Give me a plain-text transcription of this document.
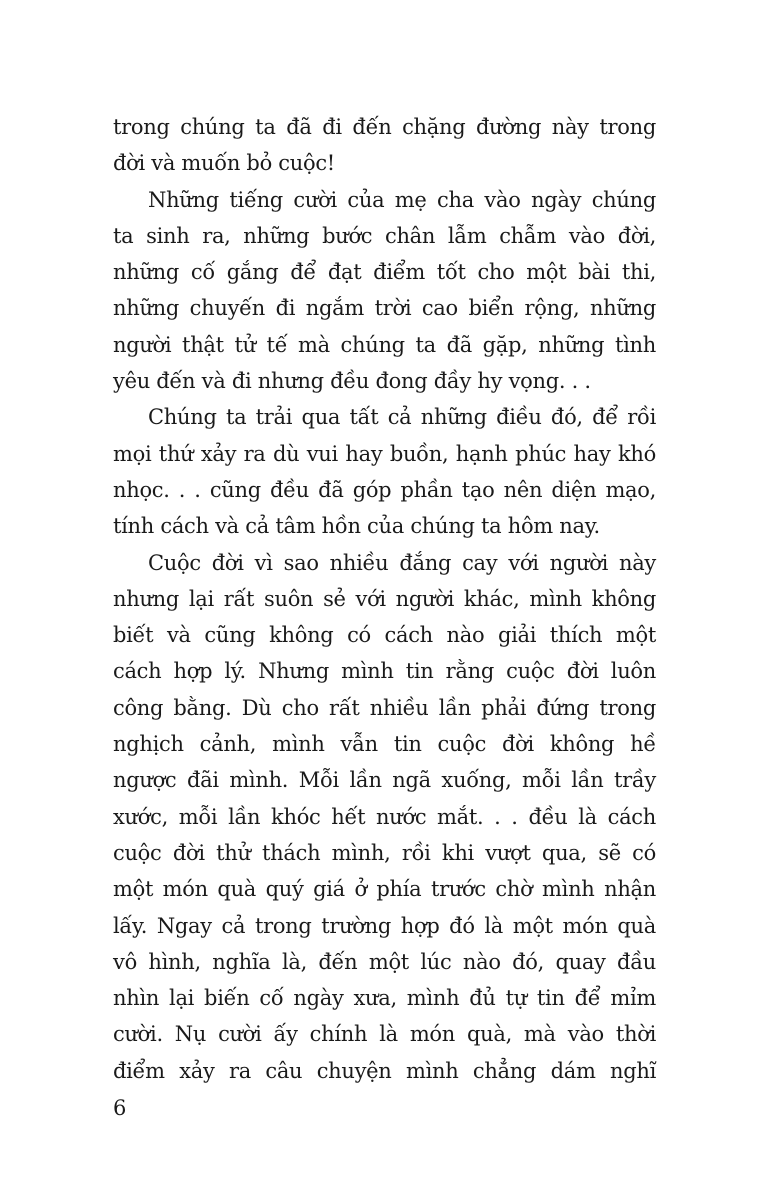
trong chúng ta đã đi đến chặng đường này trong
đời và muốn bỏ cuộc!
Những tiếng cười của mẹ cha vào ngày chúng
ta sinh ra, những bước chân lẫm chẫm vào đời,
những cố gắng để đạt điểm tốt cho một bài thi,
những chuyến đi ngắm trời cao biển rộng, những
người thật tử tế mà chúng ta đã gặp, những tình
yêu đến và đi nhưng đều đong đầy hy vọng. . .
Chúng ta trải qua tất cả những điều đó, để rồi
mọi thứ xảy ra dù vui hay buồn, hạnh phúc hay khó
nhọc. . . cũng đều đã góp phần tạo nên diện mạo,
tính cách và cả tâm hồn của chúng ta hôm nay.
Cuộc đời vì sao nhiều đắng cay với người này
nhưng lại rất suôn sẻ với người khác, mình không
biết và cũng không có cách nào giải thích một
cách hợp lý. Nhưng mình tin rằng cuộc đời luôn
công bằng. Dù cho rất nhiều lần phải đứng trong
nghịch cảnh, mình vẫn tin cuộc đời không hề
ngược đãi mình. Mỗi lần ngã xuống, mỗi lần trầy
xước, mỗi lần khóc hết nước mắt. . . đều là cách
cuộc đời thử thách mình, rồi khi vượt qua, sẽ có
một món quà quý giá ở phía trước chờ mình nhận
lấy. Ngay cả trong trường hợp đó là một món quà
vô hình, nghĩa là, đến một lúc nào đó, quay đầu
nhìn lại biến cố ngày xưa, mình đủ tự tin để mỉm
cười. Nụ cười ấy chính là món quà, mà vào thời
điểm xảy ra câu chuyện mình chẳng dám nghĩ
6
